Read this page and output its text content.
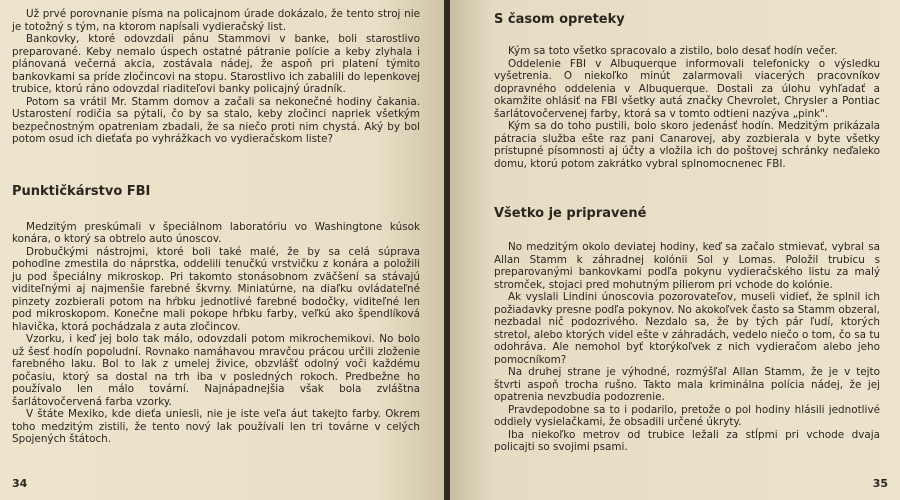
Už prvé porovnanie písma na policajnom úrade dokázalo, že tento stroj nie je totožný s tým, na ktorom napísali vydieračský list.

Bankovky, ktoré odovzdali pánu Stammovi v banke, boli starostlivo preparované. Keby nemalo úspech ostatné pátranie polície a keby zlyhala i plánovaná večerná akcia, zostávala nádej, že aspoň pri platení týmito bankovkami sa príde zločincovi na stopu. Starostlivo ich zabalili do lepenkovej trubice, ktorú ráno odovzdal riaditeľovi banky policajný úradník.

Potom sa vrátil Mr. Stamm domov a začali sa nekonečné hodiny čakania. Ustarostení rodičia sa pýtali, čo by sa stalo, keby zločinci napriek všetkým bezpečnostným opatreniam zbadali, že sa niečo proti nim chystá. Aký by bol potom osud ich dieťaťa po vyhrážkach vo vydieračskom liste?

Punktičkárstvo FBI

Medzitým preskúmali v špeciálnom laboratóriu vo Washingtone kúsok konára, o ktorý sa obtrelo auto únoscov.

Drobučkými nástrojmi, ktoré boli také malé, že by sa celá súprava pohodlne zmestila do náprstka, oddelili tenučkú vrstvičku z konára a položili ju pod špeciálny mikroskop. Pri takomto stonásobnom zväčšení sa stávajú viditeľnými aj najmenšie farebné škvrny. Miniatúrne, na diaľku ovládateľné pinzety zozbierali potom na hŕbku jednotlivé farebné bodočky, viditeľné len pod mikroskopom. Konečne mali pokope hŕbku farby, veľkú ako špendlíková hlavička, ktorá pochádzala z auta zločincov.

Vzorku, i keď jej bolo tak málo, odovzdali potom mikrochemikovi. No bolo už šesť hodín popoludní. Rovnako namáhavou mravčou prácou určili zloženie farebného laku. Bol to lak z umelej živice, obzvlášť odolný voči každému počasiu, ktorý sa dostal na trh iba v posledných rokoch. Predbežne ho používalo len málo tovární. Najnápadnejšia však bola zvláštna šarlátovočervená farba vzorky.

V štáte Mexiko, kde dieťa uniesli, nie je iste veľa áut takejto farby. Okrem toho medzitým zistili, že tento nový lak používali len tri továrne v celých Spojených štátoch.

34
S časom opreteky

Kým sa toto všetko spracovalo a zistilo, bolo desať hodín večer.

Oddelenie FBI v Albuquerque informovali telefonicky o výsledku vyšetrenia. O niekoľko minút zalarmovali viacerých pracovníkov dopravného oddelenia v Albuquerque. Dostali za úlohu vyhľadať a okamžite ohlásiť na FBI všetky autá značky Chevrolet, Chrysler a Pontiac šarlátovočervenej farby, ktorá sa v tomto odtieni nazýva „pink".

Kým sa do toho pustili, bolo skoro jedenásť hodín. Medzitým prikázala pátracia služba ešte raz pani Canarovej, aby zozbierala v byte všetky prístupné písomnosti aj účty a vložila ich do poštovej schránky neďaleko domu, ktorú potom zakrátko vybral splnomocnenec FBI.

Všetko je pripravené

No medzitým okolo deviatej hodiny, keď sa začalo stmievať, vybral sa Allan Stamm k záhradnej kolónii Sol y Lomas. Položil trubicu s preparovanými bankovkami podľa pokynu vydieračského listu za malý stromček, stojaci pred mohutným pilierom pri vchode do kolónie.

Ak vyslali Lindini únoscovia pozorovateľov, museli vidieť, že splnil ich požiadavky presne podľa pokynov. No akokoľvek často sa Stamm obzeral, nezbadal nič podozrivého. Nezdalo sa, že by tých pár ľudí, ktorých stretol, alebo ktorých videl ešte v záhradách, vedelo niečo o tom, čo sa tu odohráva. Ale nemohol byť ktorýkoľvek z nich vydieračom alebo jeho pomocníkom?

Na druhej strane je výhodné, rozmýšľal Allan Stamm, že je v tejto štvrti aspoň trocha rušno. Takto mala kriminálna polícia nádej, že jej opatrenia nevzbudia podozrenie.

Pravdepodobne sa to i podarilo, pretože o pol hodiny hlásili jednotlivé oddiely vysielačkami, že obsadili určené úkryty.

Iba niekoľko metrov od trubice ležali za stĺpmi pri vchode dvaja policajti so svojimi psami.

35
